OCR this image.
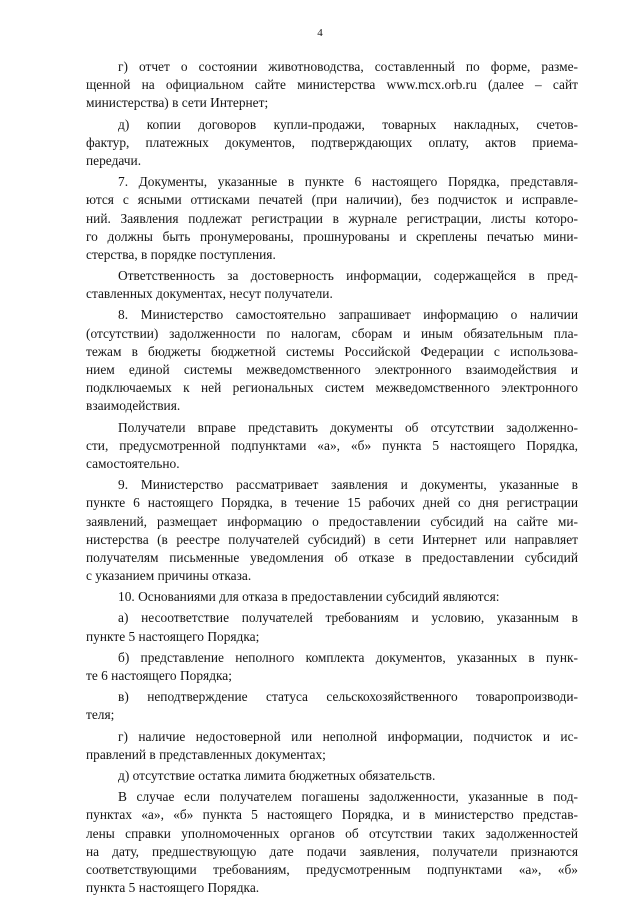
4
г) отчет о состоянии животноводства, составленный по форме, разме-
щенной на официальном сайте министерства www.mcx.orb.ru (далее – сайт
министерства) в сети Интернет;
д) копии договоров купли-продажи, товарных накладных, счетов-
фактур, платежных документов, подтверждающих оплату, актов приема-
передачи.
7. Документы, указанные в пункте 6 настоящего Порядка, представля-
ются с ясными оттисками печатей (при наличии), без подчисток и исправле-
ний. Заявления подлежат регистрации в журнале регистрации, листы которо-
го должны быть пронумерованы, прошнурованы и скреплены печатью мини-
стерства, в порядке поступления.
Ответственность за достоверность информации, содержащейся в пред-
ставленных документах, несут получатели.
8. Министерство самостоятельно запрашивает информацию о наличии
(отсутствии) задолженности по налогам, сборам и иным обязательным пла-
тежам в бюджеты бюджетной системы Российской Федерации с использова-
нием единой системы межведомственного электронного взаимодействия и
подключаемых к ней региональных систем межведомственного электронного
взаимодействия.
Получатели вправе представить документы об отсутствии задолженно-
сти, предусмотренной подпунктами «а», «б» пункта 5 настоящего Порядка,
самостоятельно.
9. Министерство рассматривает заявления и документы, указанные в
пункте 6 настоящего Порядка, в течение 15 рабочих дней со дня регистрации
заявлений, размещает информацию о предоставлении субсидий на сайте ми-
нистерства (в реестре получателей субсидий) в сети Интернет или направляет
получателям письменные уведомления об отказе в предоставлении субсидий
с указанием причины отказа.
10. Основаниями для отказа в предоставлении субсидий являются:
а) несоответствие получателей требованиям и условию, указанным в
пункте 5 настоящего Порядка;
б) представление неполного комплекта документов, указанных в пунк-
те 6 настоящего Порядка;
в) неподтверждение статуса сельскохозяйственного товаропроизводи-
теля;
г) наличие недостоверной или неполной информации, подчисток и ис-
правлений в представленных документах;
д) отсутствие остатка лимита бюджетных обязательств.
В случае если получателем погашены задолженности, указанные в под-
пунктах «а», «б» пункта 5 настоящего Порядка, и в министерство представ-
лены справки уполномоченных органов об отсутствии таких задолженностей
на дату, предшествующую дате подачи заявления, получатели признаются
соответствующими требованиям, предусмотренным подпунктами «а», «б»
пункта 5 настоящего Порядка.
